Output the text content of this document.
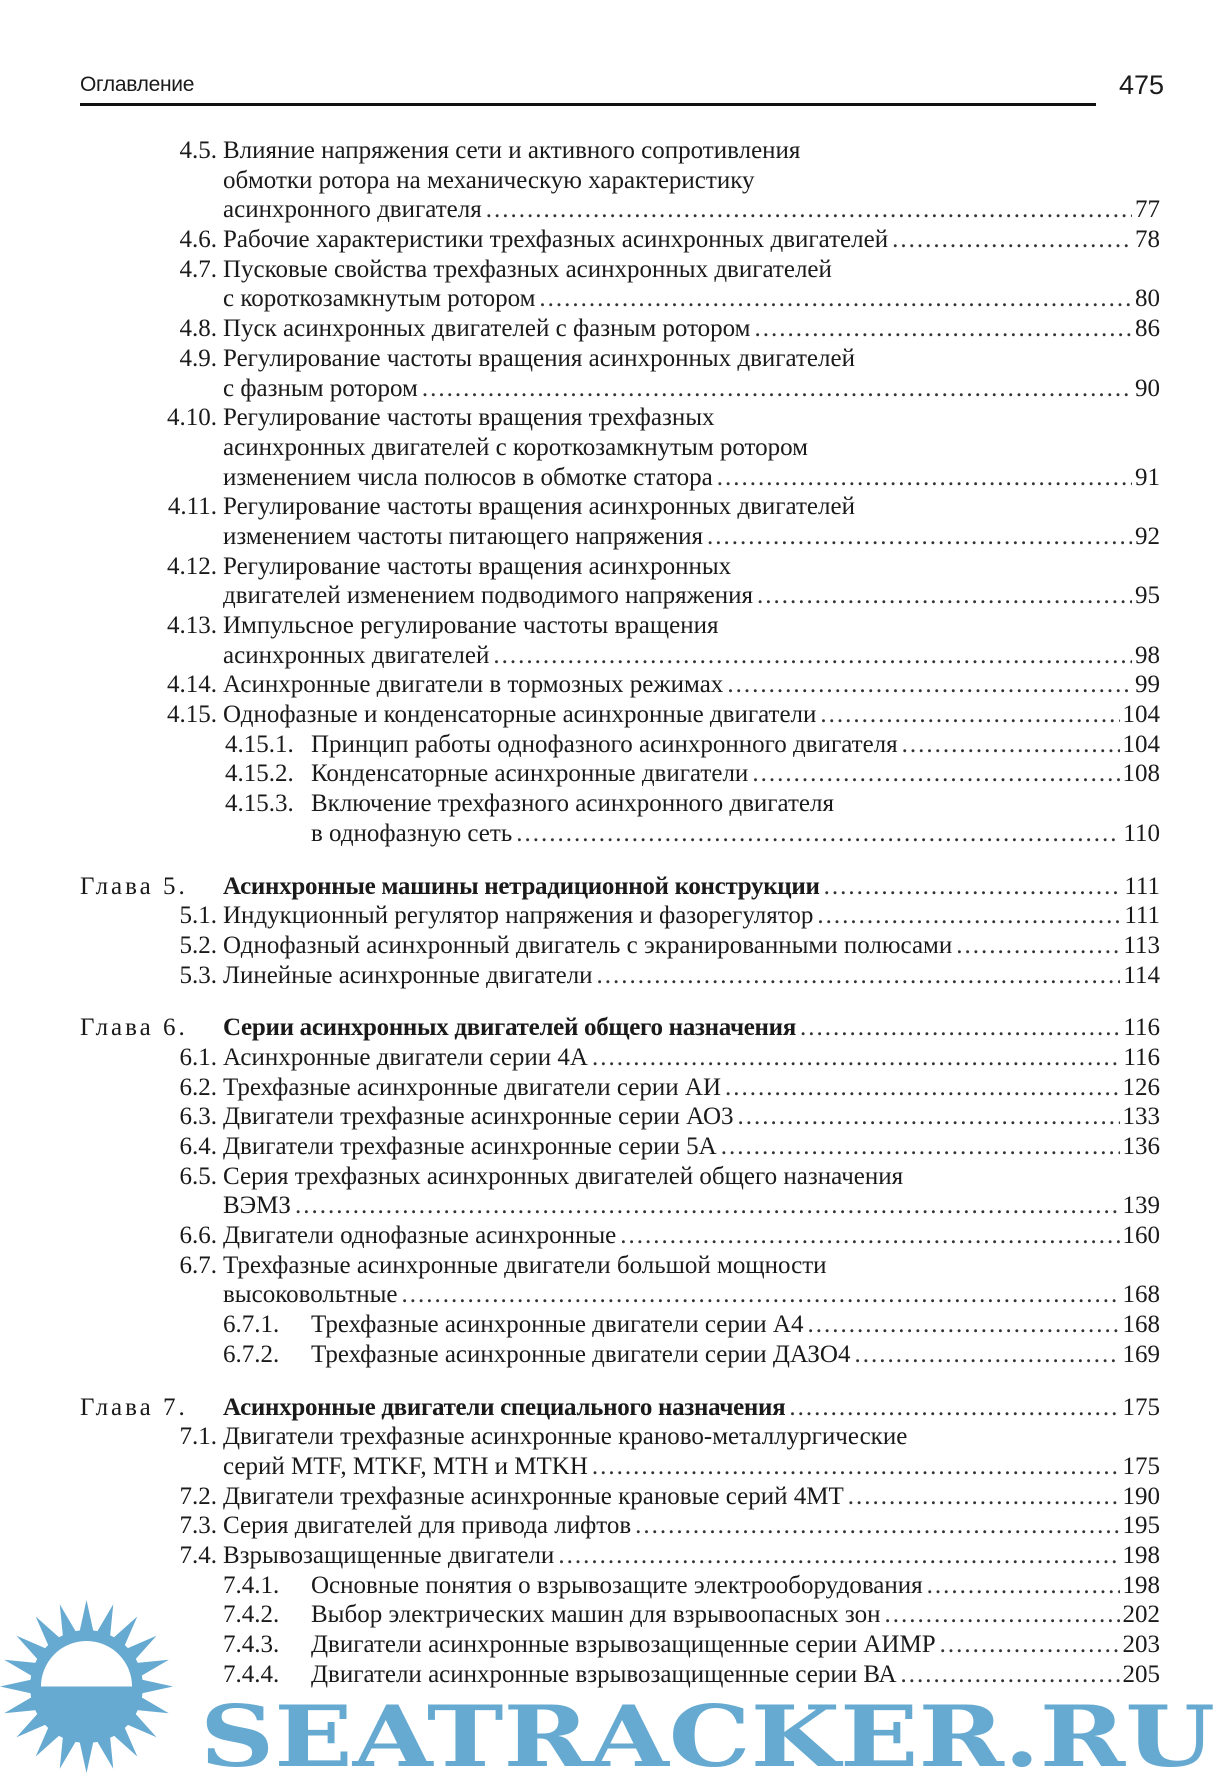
Оглавление	475
4.5. Влияние напряжения сети и активного сопротивления
обмотки ротора на механическую характеристику
асинхронного двигателя .....	77
4.6. Рабочие характеристики трехфазных асинхронных двигателей .....	78
4.7. Пусковые свойства трехфазных асинхронных двигателей
с короткозамкнутым ротором .....	80
4.8. Пуск асинхронных двигателей с фазным ротором .....	86
4.9. Регулирование частоты вращения асинхронных двигателей
с фазным ротором .....	90
4.10. Регулирование частоты вращения трехфазных
асинхронных двигателей с короткозамкнутым ротором
изменением числа полюсов в обмотке статора .....	91
4.11. Регулирование частоты вращения асинхронных двигателей
изменением частоты питающего напряжения .....	92
4.12. Регулирование частоты вращения асинхронных
двигателей изменением подводимого напряжения .....	95
4.13. Импульсное регулирование частоты вращения
асинхронных двигателей .....	98
4.14. Асинхронные двигатели в тормозных режимах .....	99
4.15. Однофазные и конденсаторные асинхронные двигатели .....	104
4.15.1. Принцип работы однофазного асинхронного двигателя .....	104
4.15.2. Конденсаторные асинхронные двигатели .....	108
4.15.3. Включение трехфазного асинхронного двигателя
в однофазную сеть .....	110
Глава 5. Асинхронные машины нетрадиционной конструкции .....	111
5.1. Индукционный регулятор напряжения и фазорегулятор .....	111
5.2. Однофазный асинхронный двигатель с экранированными полюсами .....	113
5.3. Линейные асинхронные двигатели .....	114
Глава 6. Серии асинхронных двигателей общего назначения .....	116
6.1. Асинхронные двигатели серии 4А .....	116
6.2. Трехфазные асинхронные двигатели серии АИ .....	126
6.3. Двигатели трехфазные асинхронные серии АО3 .....	133
6.4. Двигатели трехфазные асинхронные серии 5А .....	136
6.5. Серия трехфазных асинхронных двигателей общего назначения
ВЭМЗ .....	139
6.6. Двигатели однофазные асинхронные .....	160
6.7. Трехфазные асинхронные двигатели большой мощности
высоковольтные .....	168
6.7.1. Трехфазные асинхронные двигатели серии А4 .....	168
6.7.2. Трехфазные асинхронные двигатели серии ДАЗО4 .....	169
Глава 7. Асинхронные двигатели специального назначения .....	175
7.1. Двигатели трехфазные асинхронные краново-металлургические
серий MTF, MTKF, MTH и MTKH .....	175
7.2. Двигатели трехфазные асинхронные крановые серий 4МТ .....	190
7.3. Серия двигателей для привода лифтов .....	195
7.4. Взрывозащищенные двигатели .....	198
7.4.1. Основные понятия о взрывозащите электрооборудования .....	198
7.4.2. Выбор электрических машин для взрывоопасных зон .....	202
7.4.3. Двигатели асинхронные взрывозащищенные серии АИМР .....	203
7.4.4. Двигатели асинхронные взрывозащищенные серии ВА .....	205
SEATRACKER.RU
